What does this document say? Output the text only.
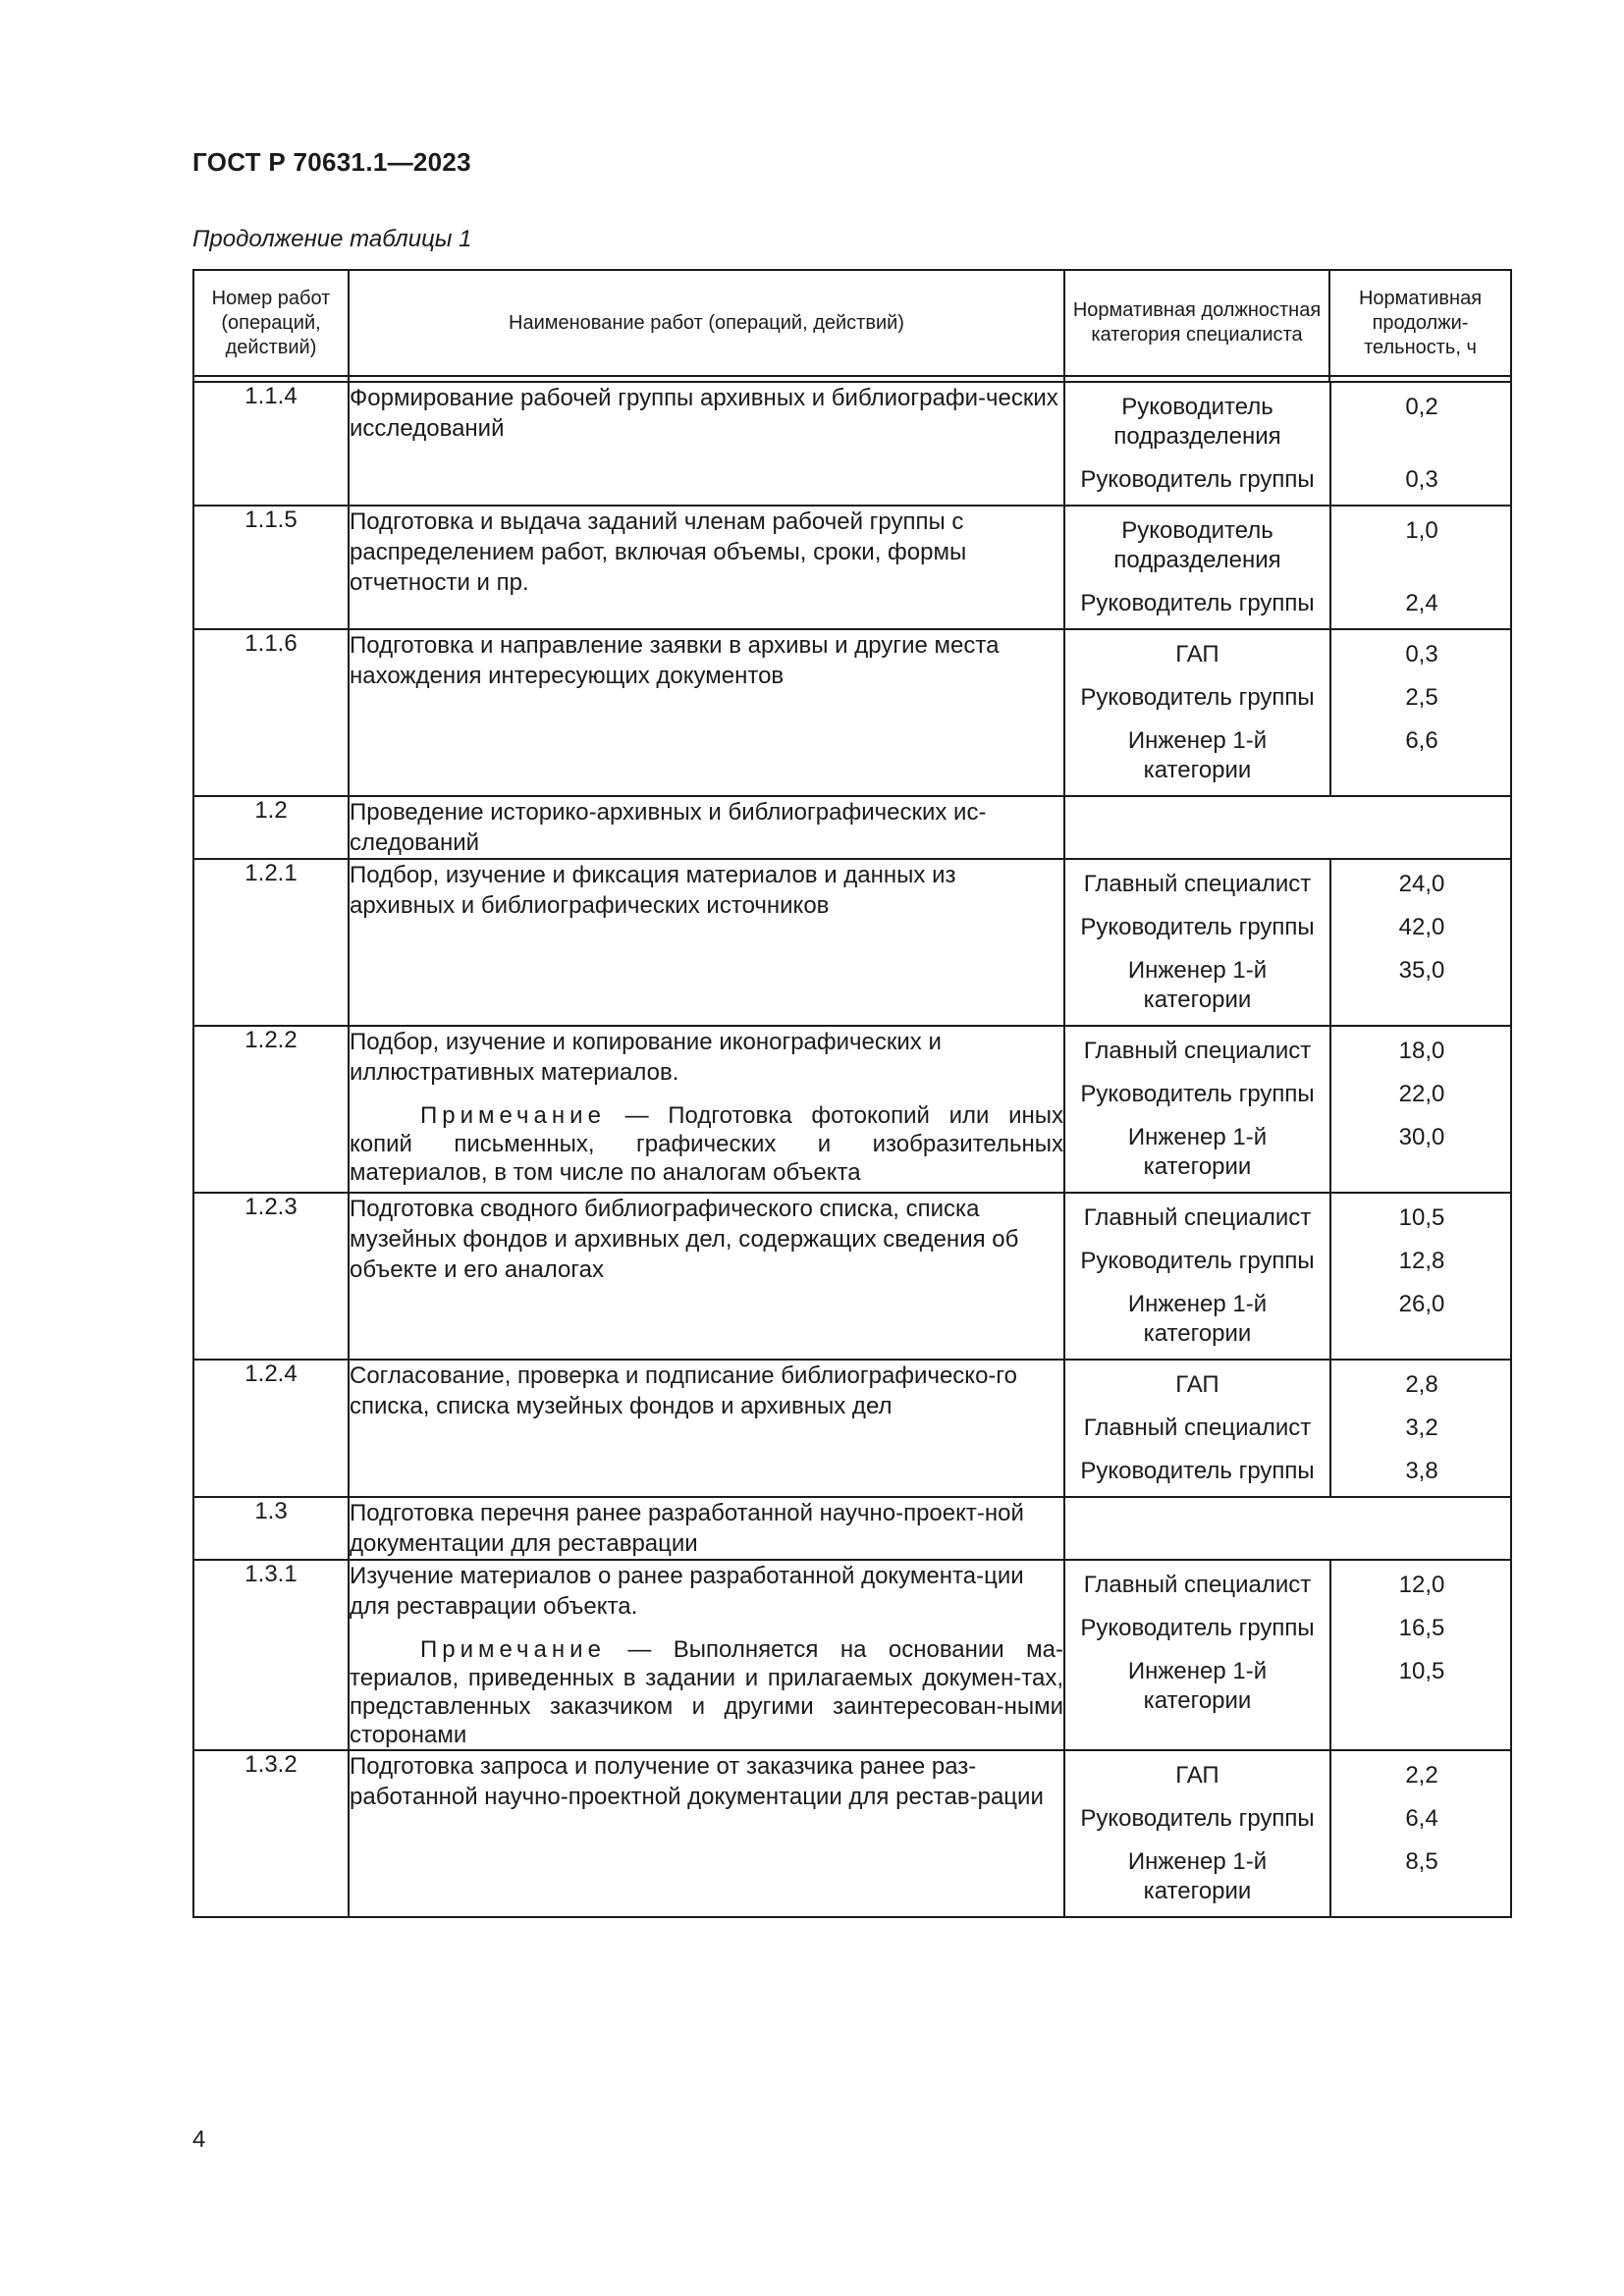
ГОСТ Р 70631.1—2023
Продолжение таблицы 1
Номер работ (операций, действий)	Наименование работ (операций, действий)	Нормативная должностная категория специалиста	Нормативная продолжи-тельность, ч

1.1.4	Формирование рабочей группы архивных и библиографи-ческих исследований

Руководитель подразделения	0,2
Руководитель группы	0,3

1.1.5	Подготовка и выдача заданий членам рабочей группы с распределением работ, включая объемы, сроки, формы отчетности и пр.

Руководитель подразделения	1,0
Руководитель группы	2,4

1.1.6	Подготовка и направление заявки в архивы и другие места нахождения интересующих документов

ГАП	0,3
Руководитель группы	2,5
Инженер 1-й категории	6,6

1.2	Проведение историко-архивных и библиографических ис-следований

1.2.1	Подбор, изучение и фиксация материалов и данных из архивных и библиографических источников

Главный специалист	24,0
Руководитель группы	42,0
Инженер 1-й категории	35,0

1.2.2	Подбор, изучение и копирование иконографических и иллюстративных материалов.
Примечание — Подготовка фотокопий или иных копий письменных, графических и изобразительных материалов, в том числе по аналогам объекта

Главный специалист	18,0
Руководитель группы	22,0
Инженер 1-й категории	30,0

1.2.3	Подготовка сводного библиографического списка, списка музейных фондов и архивных дел, содержащих сведения об объекте и его аналогах

Главный специалист	10,5
Руководитель группы	12,8
Инженер 1-й категории	26,0

1.2.4	Согласование, проверка и подписание библиографическо-го списка, списка музейных фондов и архивных дел

ГАП	2,8
Главный специалист	3,2
Руководитель группы	3,8

1.3	Подготовка перечня ранее разработанной научно-проект-ной документации для реставрации

1.3.1	Изучение материалов о ранее разработанной документа-ции для реставрации объекта.
Примечание — Выполняется на основании ма-териалов, приведенных в задании и прилагаемых докумен-тах, представленных заказчиком и другими заинтересован-ными сторонами

Главный специалист	12,0
Руководитель группы	16,5
Инженер 1-й категории	10,5

1.3.2	Подготовка запроса и получение от заказчика ранее раз-работанной научно-проектной документации для рестав-рации

ГАП	2,2
Руководитель группы	6,4
Инженер 1-й категории	8,5

4
